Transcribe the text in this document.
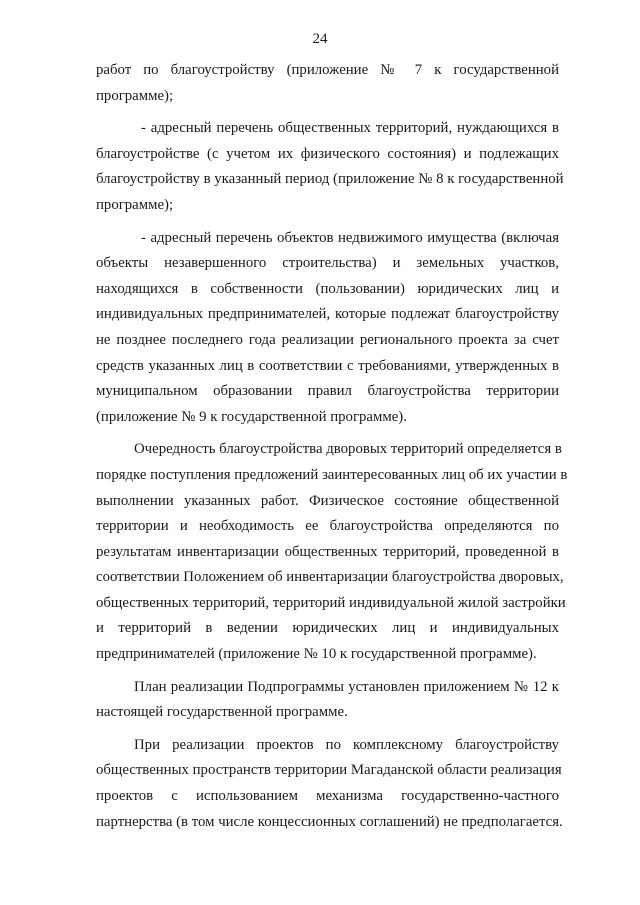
24
работ по благоустройству (приложение № 7 к государственной
программе);
- адресный перечень общественных территорий, нуждающихся в
благоустройстве (с учетом их физического состояния) и подлежащих
благоустройству в указанный период (приложение № 8 к государственной
программе);
- адресный перечень объектов недвижимого имущества (включая
объекты незавершенного строительства) и земельных участков,
находящихся в собственности (пользовании) юридических лиц и
индивидуальных предпринимателей, которые подлежат благоустройству
не позднее последнего года реализации регионального проекта за счет
средств указанных лиц в соответствии с требованиями, утвержденных в
муниципальном образовании правил благоустройства территории
(приложение № 9 к государственной программе).
Очередность благоустройства дворовых территорий определяется в
порядке поступления предложений заинтересованных лиц об их участии в
выполнении указанных работ. Физическое состояние общественной
территории и необходимость ее благоустройства определяются по
результатам инвентаризации общественных территорий, проведенной в
соответствии Положением об инвентаризации благоустройства дворовых,
общественных территорий, территорий индивидуальной жилой застройки
и территорий в ведении юридических лиц и индивидуальных
предпринимателей (приложение № 10 к государственной программе).
План реализации Подпрограммы установлен приложением № 12 к
настоящей государственной программе.
При реализации проектов по комплексному благоустройству
общественных пространств территории Магаданской области реализация
проектов с использованием механизма государственно-частного
партнерства (в том числе концессионных соглашений) не предполагается.
